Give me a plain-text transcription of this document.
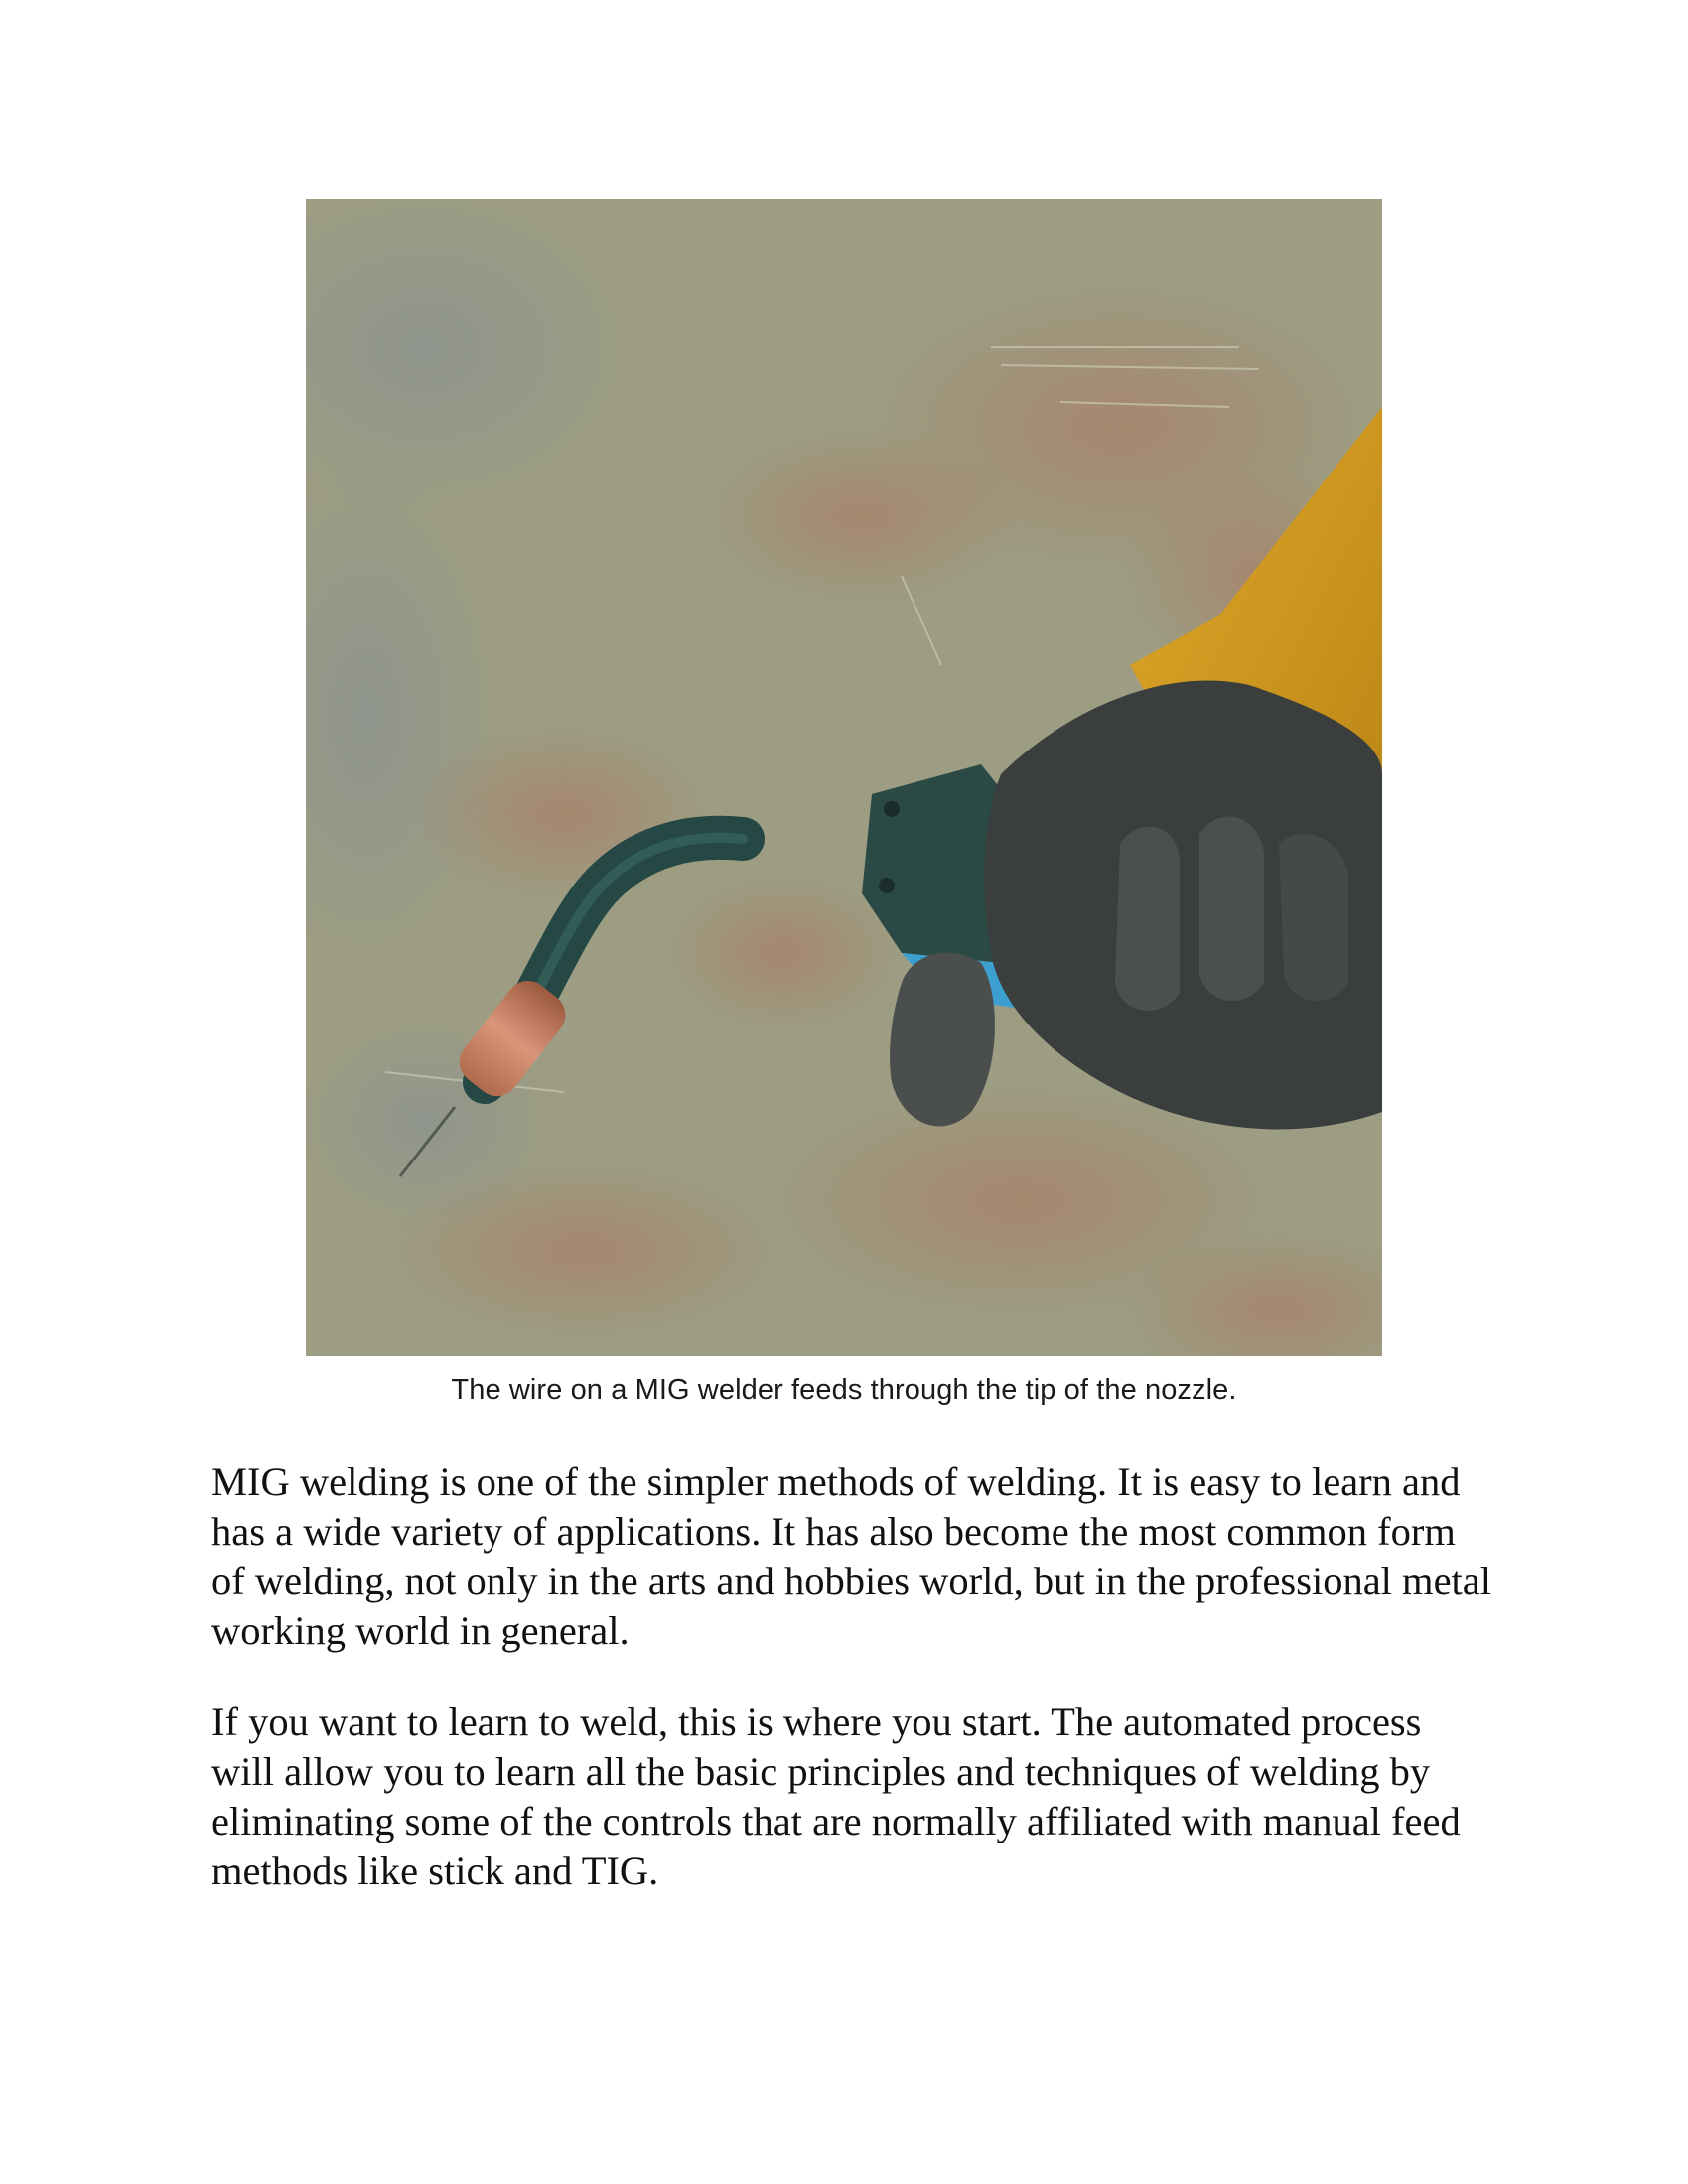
The wire on a MIG welder feeds through the tip of the nozzle.

MIG welding is one of the simpler methods of welding. It is easy to learn and has a wide variety of applications. It has also become the most common form of welding, not only in the arts and hobbies world, but in the professional metal working world in general.

If you want to learn to weld, this is where you start. The automated process will allow you to learn all the basic principles and techniques of welding by eliminating some of the controls that are normally affiliated with manual feed methods like stick and TIG.
